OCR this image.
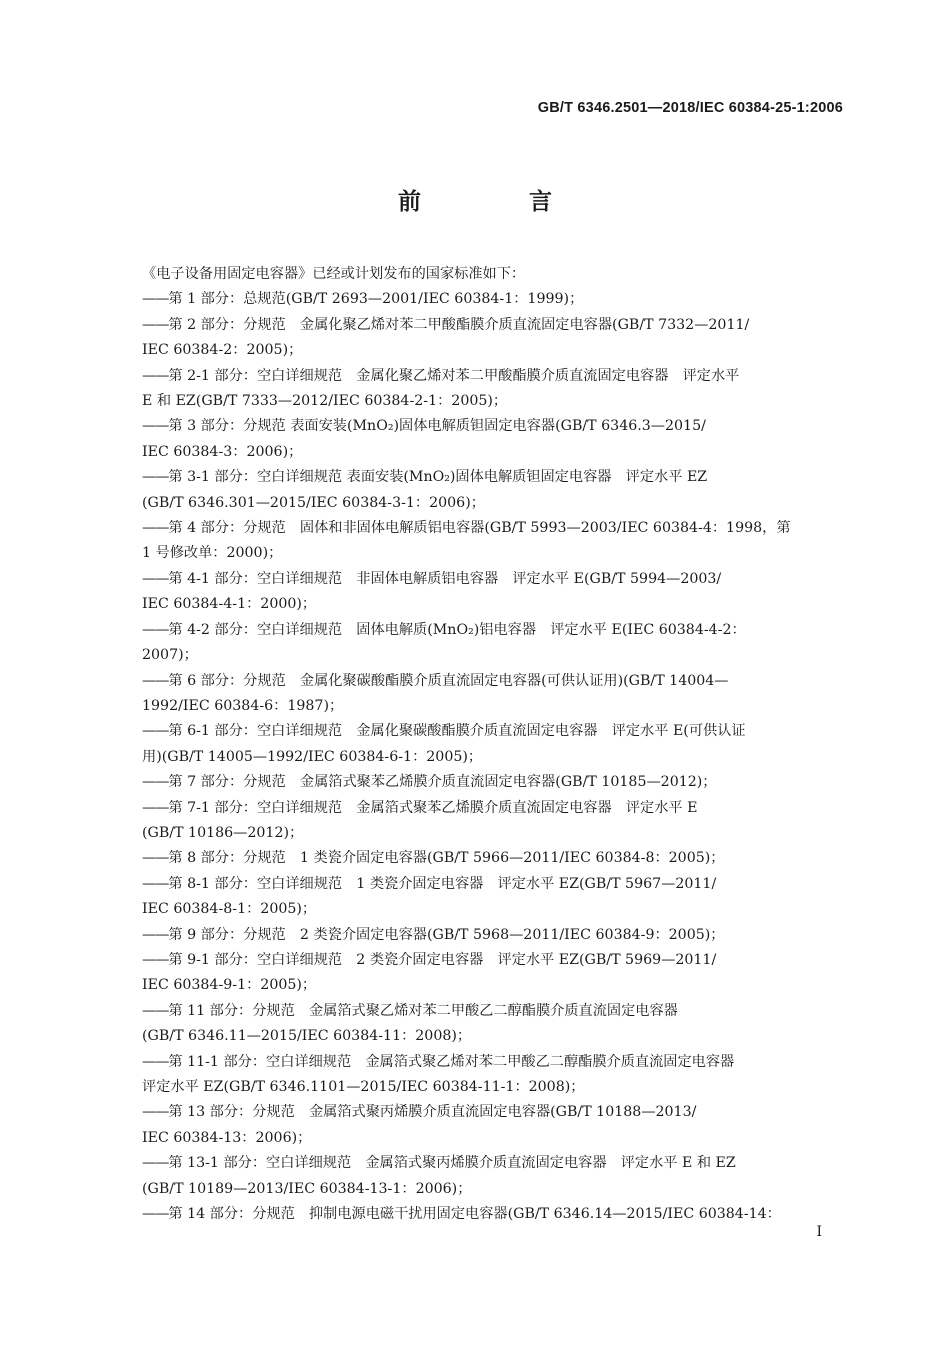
GB/T 6346.2501—2018/IEC 60384-25-1:2006
前 言

《电子设备用固定电容器》已经或计划发布的国家标准如下：

——第 1 部分：总规范(GB/T 2693—2001/IEC 60384-1：1999)；

——第 2 部分：分规范　金属化聚乙烯对苯二甲酸酯膜介质直流固定电容器(GB/T 7332—2011/
IEC 60384-2：2005)；

——第 2-1 部分：空白详细规范　金属化聚乙烯对苯二甲酸酯膜介质直流固定电容器　评定水平
E 和 EZ(GB/T 7333—2012/IEC 60384-2-1：2005)；

——第 3 部分：分规范 表面安装(MnO₂)固体电解质钽固定电容器(GB/T 6346.3—2015/
IEC 60384-3：2006)；

——第 3-1 部分：空白详细规范 表面安装(MnO₂)固体电解质钽固定电容器　评定水平 EZ
(GB/T 6346.301—2015/IEC 60384-3-1：2006)；

——第 4 部分：分规范　固体和非固体电解质铝电容器(GB/T 5993—2003/IEC 60384-4：1998，第
1 号修改单：2000)；

——第 4-1 部分：空白详细规范　非固体电解质铝电容器　评定水平 E(GB/T 5994—2003/
IEC 60384-4-1：2000)；

——第 4-2 部分：空白详细规范　固体电解质(MnO₂)铝电容器　评定水平 E(IEC 60384-4-2：
2007)；

——第 6 部分：分规范　金属化聚碳酸酯膜介质直流固定电容器(可供认证用)(GB/T 14004—
1992/IEC 60384-6：1987)；

——第 6-1 部分：空白详细规范　金属化聚碳酸酯膜介质直流固定电容器　评定水平 E(可供认证
用)(GB/T 14005—1992/IEC 60384-6-1：2005)；

——第 7 部分：分规范　金属箔式聚苯乙烯膜介质直流固定电容器(GB/T 10185—2012)；

——第 7-1 部分：空白详细规范　金属箔式聚苯乙烯膜介质直流固定电容器　评定水平 E
(GB/T 10186—2012)；

——第 8 部分：分规范　1 类瓷介固定电容器(GB/T 5966—2011/IEC 60384-8：2005)；

——第 8-1 部分：空白详细规范　1 类瓷介固定电容器　评定水平 EZ(GB/T 5967—2011/
IEC 60384-8-1：2005)；

——第 9 部分：分规范　2 类瓷介固定电容器(GB/T 5968—2011/IEC 60384-9：2005)；

——第 9-1 部分：空白详细规范　2 类瓷介固定电容器　评定水平 EZ(GB/T 5969—2011/
IEC 60384-9-1：2005)；

——第 11 部分：分规范　金属箔式聚乙烯对苯二甲酸乙二醇酯膜介质直流固定电容器
(GB/T 6346.11—2015/IEC 60384-11：2008)；

——第 11-1 部分：空白详细规范　金属箔式聚乙烯对苯二甲酸乙二醇酯膜介质直流固定电容器
评定水平 EZ(GB/T 6346.1101—2015/IEC 60384-11-1：2008)；

——第 13 部分：分规范　金属箔式聚丙烯膜介质直流固定电容器(GB/T 10188—2013/
IEC 60384-13：2006)；

——第 13-1 部分：空白详细规范　金属箔式聚丙烯膜介质直流固定电容器　评定水平 E 和 EZ
(GB/T 10189—2013/IEC 60384-13-1：2006)；

——第 14 部分：分规范　抑制电源电磁干扰用固定电容器(GB/T 6346.14—2015/IEC 60384-14：

I
